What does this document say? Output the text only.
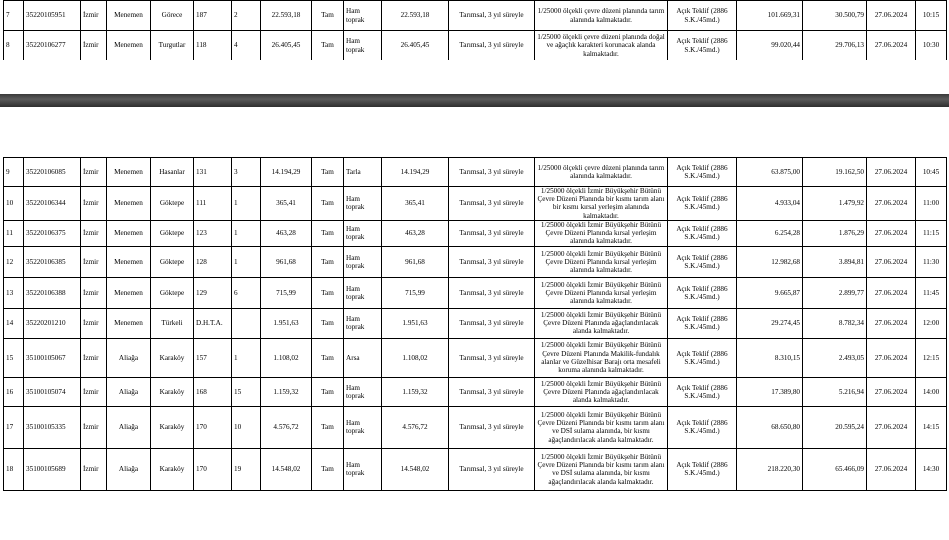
7	35220105951	İzmir	Menemen	Görece	187	2	22.593,18	Tam	Ham toprak	22.593,18	Tarımsal, 3 yıl süreyle	1/25000 ölçekli çevre düzeni planında tarım alanında kalmaktadır.	Açık Teklif (2886 S.K./45md.)	101.669,31	30.500,79	27.06.2024	10:15
8	35220106277	İzmir	Menemen	Turgutlar	118	4	26.405,45	Tam	Ham toprak	26.405,45	Tarımsal, 3 yıl süreyle	1/25000 ölçekli çevre düzeni planında doğal ve ağaçlık karakteri korunacak alanda kalmaktadır.	Açık Teklif (2886 S.K./45md.)	99.020,44	29.706,13	27.06.2024	10:30
9	35220106085	İzmir	Menemen	Hasanlar	131	3	14.194,29	Tam	Tarla	14.194,29	Tarımsal, 3 yıl süreyle	1/25000 ölçekli çevre düzeni planında tarım alanında kalmaktadır.	Açık Teklif (2886 S.K./45md.)	63.875,00	19.162,50	27.06.2024	10:45
10	35220106344	İzmir	Menemen	Göktepe	111	1	365,41	Tam	Ham toprak	365,41	Tarımsal, 3 yıl süreyle	1/25000 ölçekli İzmir Büyükşehir Bütünü Çevre Düzeni Planında bir kısmı tarım alanı bir kısmı kırsal yerleşim alanında kalmaktadır.	Açık Teklif (2886 S.K./45md.)	4.933,04	1.479,92	27.06.2024	11:00
11	35220106375	İzmir	Menemen	Göktepe	123	1	463,28	Tam	Ham toprak	463,28	Tarımsal, 3 yıl süreyle	1/25000 ölçekli İzmir Büyükşehir Bütünü Çevre Düzeni Planında kırsal yerleşim alanında kalmaktadır.	Açık Teklif (2886 S.K./45md.)	6.254,28	1.876,29	27.06.2024	11:15
12	35220106385	İzmir	Menemen	Göktepe	128	1	961,68	Tam	Ham toprak	961,68	Tarımsal, 3 yıl süreyle	1/25000 ölçekli İzmir Büyükşehir Bütünü Çevre Düzeni Planında kırsal yerleşim alanında kalmaktadır.	Açık Teklif (2886 S.K./45md.)	12.982,68	3.894,81	27.06.2024	11:30
13	35220106388	İzmir	Menemen	Göktepe	129	6	715,99	Tam	Ham toprak	715,99	Tarımsal, 3 yıl süreyle	1/25000 ölçekli İzmir Büyükşehir Bütünü Çevre Düzeni Planında kırsal yerleşim alanında kalmaktadır.	Açık Teklif (2886 S.K./45md.)	9.665,87	2.899,77	27.06.2024	11:45
14	35220201210	İzmir	Menemen	Türkeli	D.H.T.A.		1.951,63	Tam	Ham toprak	1.951,63	Tarımsal, 3 yıl süreyle	1/25000 ölçekli İzmir Büyükşehir Bütünü Çevre Düzeni Planında ağaçlandırılacak alanda kalmaktadır.	Açık Teklif (2886 S.K./45md.)	29.274,45	8.782,34	27.06.2024	12:00
15	35100105067	İzmir	Aliağa	Karaköy	157	1	1.108,02	Tam	Arsa	1.108,02	Tarımsal, 3 yıl süreyle	1/25000 ölçekli İzmir Büyükşehir Bütünü Çevre Düzeni Planında Makilik-fundalık alanlar ve Güzelhisar Barajı orta mesafeli koruma alanında kalmaktadır.	Açık Teklif (2886 S.K./45md.)	8.310,15	2.493,05	27.06.2024	12:15
16	35100105074	İzmir	Aliağa	Karaköy	168	15	1.159,32	Tam	Ham toprak	1.159,32	Tarımsal, 3 yıl süreyle	1/25000 ölçekli İzmir Büyükşehir Bütünü Çevre Düzeni Planında ağaçlandırılacak alanda kalmaktadır.	Açık Teklif (2886 S.K./45md.)	17.389,80	5.216,94	27.06.2024	14:00
17	35100105335	İzmir	Aliağa	Karaköy	170	10	4.576,72	Tam	Ham toprak	4.576,72	Tarımsal, 3 yıl süreyle	1/25000 ölçekli İzmir Büyükşehir Bütünü Çevre Düzeni Planında bir kısmı tarım alanı ve DSİ sulama alanında, bir kısmı ağaçlandırılacak alanda kalmaktadır.	Açık Teklif (2886 S.K./45md.)	68.650,80	20.595,24	27.06.2024	14:15
18	35100105689	İzmir	Aliağa	Karaköy	170	19	14.548,02	Tam	Ham toprak	14.548,02	Tarımsal, 3 yıl süreyle	1/25000 ölçekli İzmir Büyükşehir Bütünü Çevre Düzeni Planında bir kısmı tarım alanı ve DSİ sulama alanında, bir kısmı ağaçlandırılacak alanda kalmaktadır.	Açık Teklif (2886 S.K./45md.)	218.220,30	65.466,09	27.06.2024	14:30
